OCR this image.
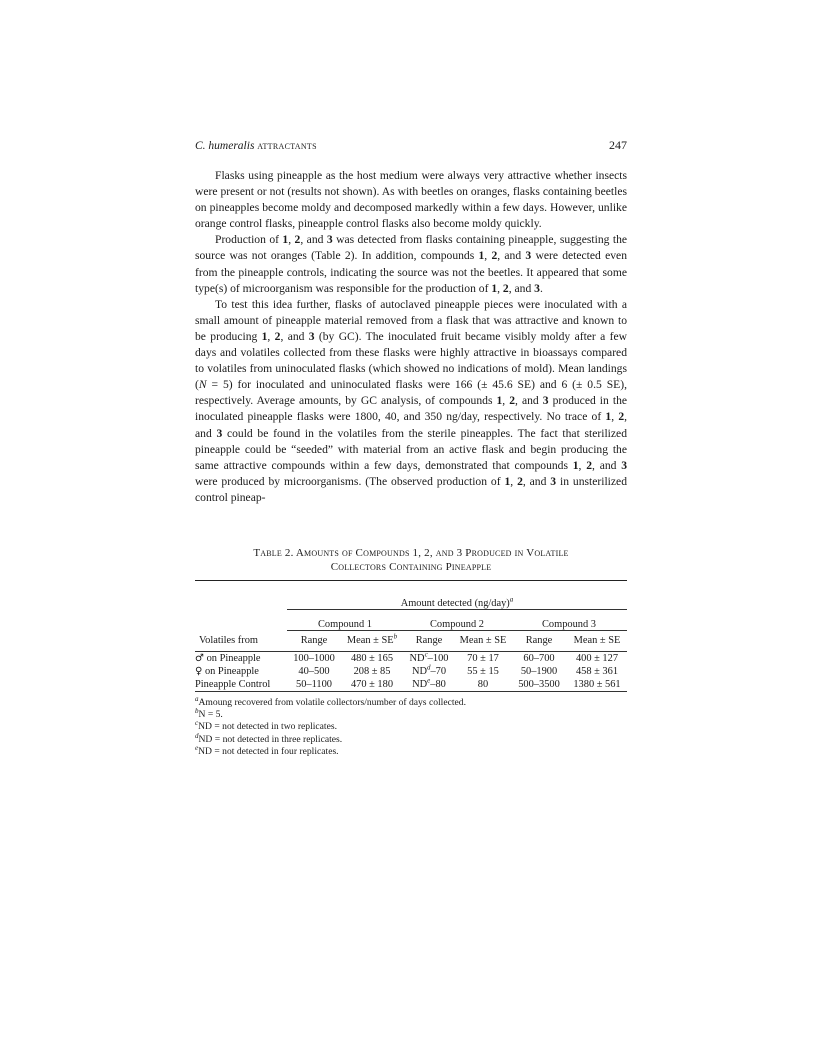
C. humeralis attractants	247

Flasks using pineapple as the host medium were always very attractive whether insects were present or not (results not shown). As with beetles on oranges, flasks containing beetles on pineapples become moldy and decomposed markedly within a few days. However, unlike orange control flasks, pineapple control flasks also become moldy quickly.

Production of 1, 2, and 3 was detected from flasks containing pineapple, suggesting the source was not oranges (Table 2). In addition, compounds 1, 2, and 3 were detected even from the pineapple controls, indicating the source was not the beetles. It appeared that some type(s) of microorganism was responsible for the production of 1, 2, and 3.

To test this idea further, flasks of autoclaved pineapple pieces were inoculated with a small amount of pineapple material removed from a flask that was attractive and known to be producing 1, 2, and 3 (by GC). The inoculated fruit became visibly moldy after a few days and volatiles collected from these flasks were highly attractive in bioassays compared to volatiles from uninoculated flasks (which showed no indications of mold). Mean landings (N = 5) for inoculated and uninoculated flasks were 166 (± 45.6 SE) and 6 (± 0.5 SE), respectively. Average amounts, by GC analysis, of compounds 1, 2, and 3 produced in the inoculated pineapple flasks were 1800, 40, and 350 ng/day, respectively. No trace of 1, 2, and 3 could be found in the volatiles from the sterile pineapples. The fact that sterilized pineapple could be “seeded” with material from an active flask and begin producing the same attractive compounds within a few days, demonstrated that compounds 1, 2, and 3 were produced by microorganisms. (The observed production of 1, 2, and 3 in unsterilized control pineap-

Table 2. Amounts of Compounds 1, 2, and 3 Produced in Volatile
Collectors Containing Pineapple

	Amount detected $(ng/day)^a$
	Compound 1		Compound 2		Compound 3	
Volatiles from	Range	Mean ± $SE^b$	Range	Mean ± SE	Range	Mean ± SE
♂ on Pineapple	100–1000	480 ± 165	$ND^c-100$	70 ± 17	60–700	400 ± 127
♀ on Pineapple	40–500	208 ± 85	$ND^d-70$	55 ± 15	50–1900	458 ± 361
Pineapple Control	50–1100	470 ± 180	$ND^e-80$	80	500–3500	1380 ± 561
$^a$Amoung recovered from volatile collectors/number of days collected.
$^b$N = 5.
$^c$ND = not detected in two replicates.
$^d$ND = not detected in three replicates.
$^e$ND = not detected in four replicates.
